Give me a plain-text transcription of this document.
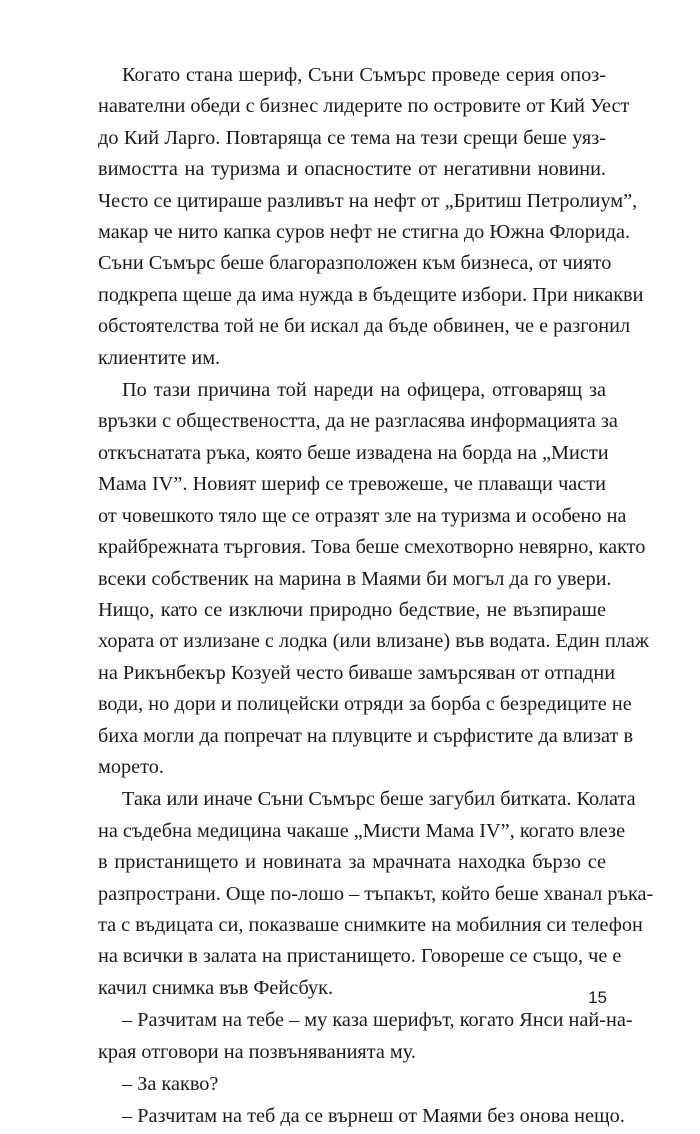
Когато стана шериф, Съни Съмърс проведе серия опоз-
навателни обеди с бизнес лидерите по островите от Кий Уест
до Кий Ларго. Повтаряща се тема на тези срещи беше уяз-
вимостта на туризма и опасностите от негативни новини.
Често се цитираше разливът на нефт от „Бритиш Петролиум”,
макар че нито капка суров нефт не стигна до Южна Флорида.
Съни Съмърс беше благоразположен към бизнеса, от чиято
подкрепа щеше да има нужда в бъдещите избори. При никакви
обстоятелства той не би искал да бъде обвинен, че е разгонил
клиентите им.

По тази причина той нареди на офицера, отговарящ за
връзки с обществеността, да не разгласява информацията за
откъснатата ръка, която беше извадена на борда на „Мисти
Мама IV”. Новият шериф се тревожеше, че плаващи части
от човешкото тяло ще се отразят зле на туризма и особено на
крайбрежната търговия. Това беше смехотворно невярно, както
всеки собственик на марина в Маями би могъл да го увери.
Нищо, като се изключи природно бедствие, не възпираше
хората от излизане с лодка (или влизане) във водата. Един плаж
на Рикънбекър Козуей често биваше замърсяван от отпадни
води, но дори и полицейски отряди за борба с безредиците не
биха могли да попречат на плувците и сърфистите да влизат в
морето.

Така или иначе Съни Съмърс беше загубил битката. Колата
на съдебна медицина чакаше „Мисти Мама IV”, когато влезе
в пристанището и новината за мрачната находка бързо се
разпространи. Още по-лошо – тъпакът, който беше хванал ръка-
та с въдицата си, показваше снимките на мобилния си телефон
на всички в залата на пристанището. Говореше се също, че е
качил снимка във Фейсбук.

– Разчитам на тебе – му каза шерифът, когато Янси най-на-
края отговори на позвъняванията му.

– За какво?

– Разчитам на теб да се върнеш от Маями без онова нещо.

15
